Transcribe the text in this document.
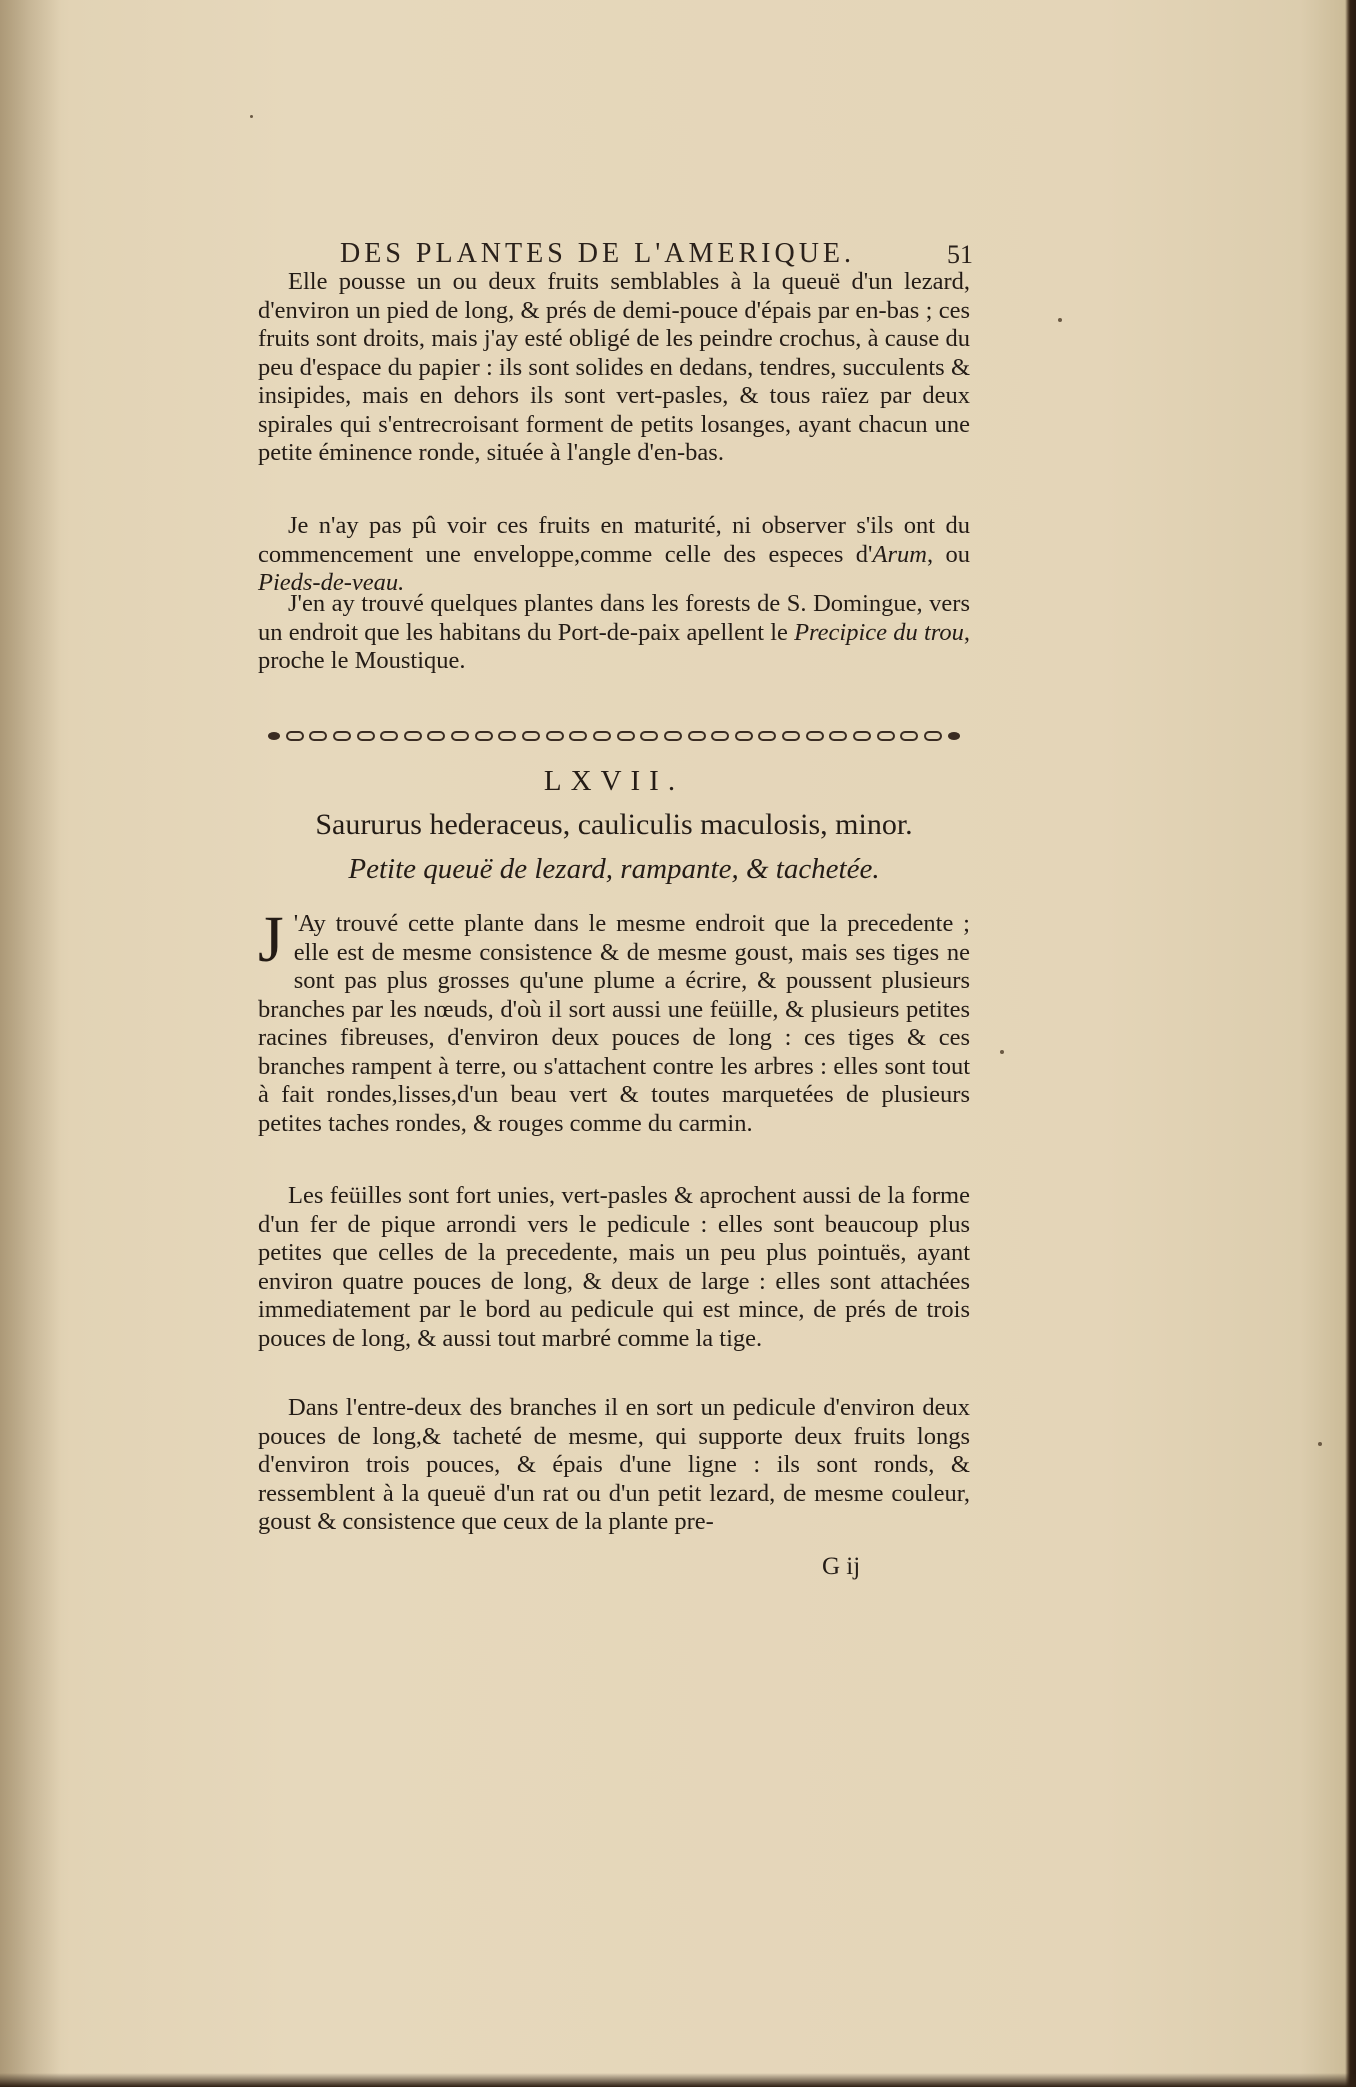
DES PLANTES DE L'AMERIQUE.	51

Elle pousse un ou deux fruits semblables à la queuë d'un lezard, d'environ un pied de long, & prés de demi-pouce d'épais par en-bas ; ces fruits sont droits, mais j'ay esté obligé de les peindre crochus, à cause du peu d'espace du papier : ils sont solides en dedans, tendres, succulents & insipides, mais en dehors ils sont vert-pasles, & tous raïez par deux spirales qui s'entrecroisant forment de petits losanges, ayant chacun une petite éminence ronde, située à l'angle d'en-bas.

Je n'ay pas pû voir ces fruits en maturité, ni observer s'ils ont du commencement une enveloppe,comme celle des especes d'Arum, ou Pieds-de-veau.

J'en ay trouvé quelques plantes dans les forests de S. Domingue, vers un endroit que les habitans du Port-de-paix apellent le Precipice du trou, proche le Moustique.

LXVII.
Saururus hederaceus, cauliculis maculosis, minor.
Petite queuë de lezard, rampante, & tachetée.

J 'Ay trouvé cette plante dans le mesme endroit que la precedente ; elle est de mesme consistence & de mesme goust, mais ses tiges ne sont pas plus grosses qu'une plume a écrire, & poussent plusieurs branches par les nœuds, d'où il sort aussi une feüille, & plusieurs petites racines fibreuses, d'environ deux pouces de long : ces tiges & ces branches rampent à terre, ou s'attachent contre les arbres : elles sont tout à fait rondes,lisses,d'un beau vert & toutes marquetées de plusieurs petites taches rondes, & rouges comme du carmin.

Les feüilles sont fort unies, vert-pasles & aprochent aussi de la forme d'un fer de pique arrondi vers le pedicule : elles sont beaucoup plus petites que celles de la precedente, mais un peu plus pointuës, ayant environ quatre pouces de long, & deux de large : elles sont attachées immediatement par le bord au pedicule qui est mince, de prés de trois pouces de long, & aussi tout marbré comme la tige.

Dans l'entre-deux des branches il en sort un pedicule d'environ deux pouces de long,& tacheté de mesme, qui supporte deux fruits longs d'environ trois pouces, & épais d'une ligne : ils sont ronds, & ressemblent à la queuë d'un rat ou d'un petit lezard, de mesme couleur, goust & consistence que ceux de la plante pre-

G ij
